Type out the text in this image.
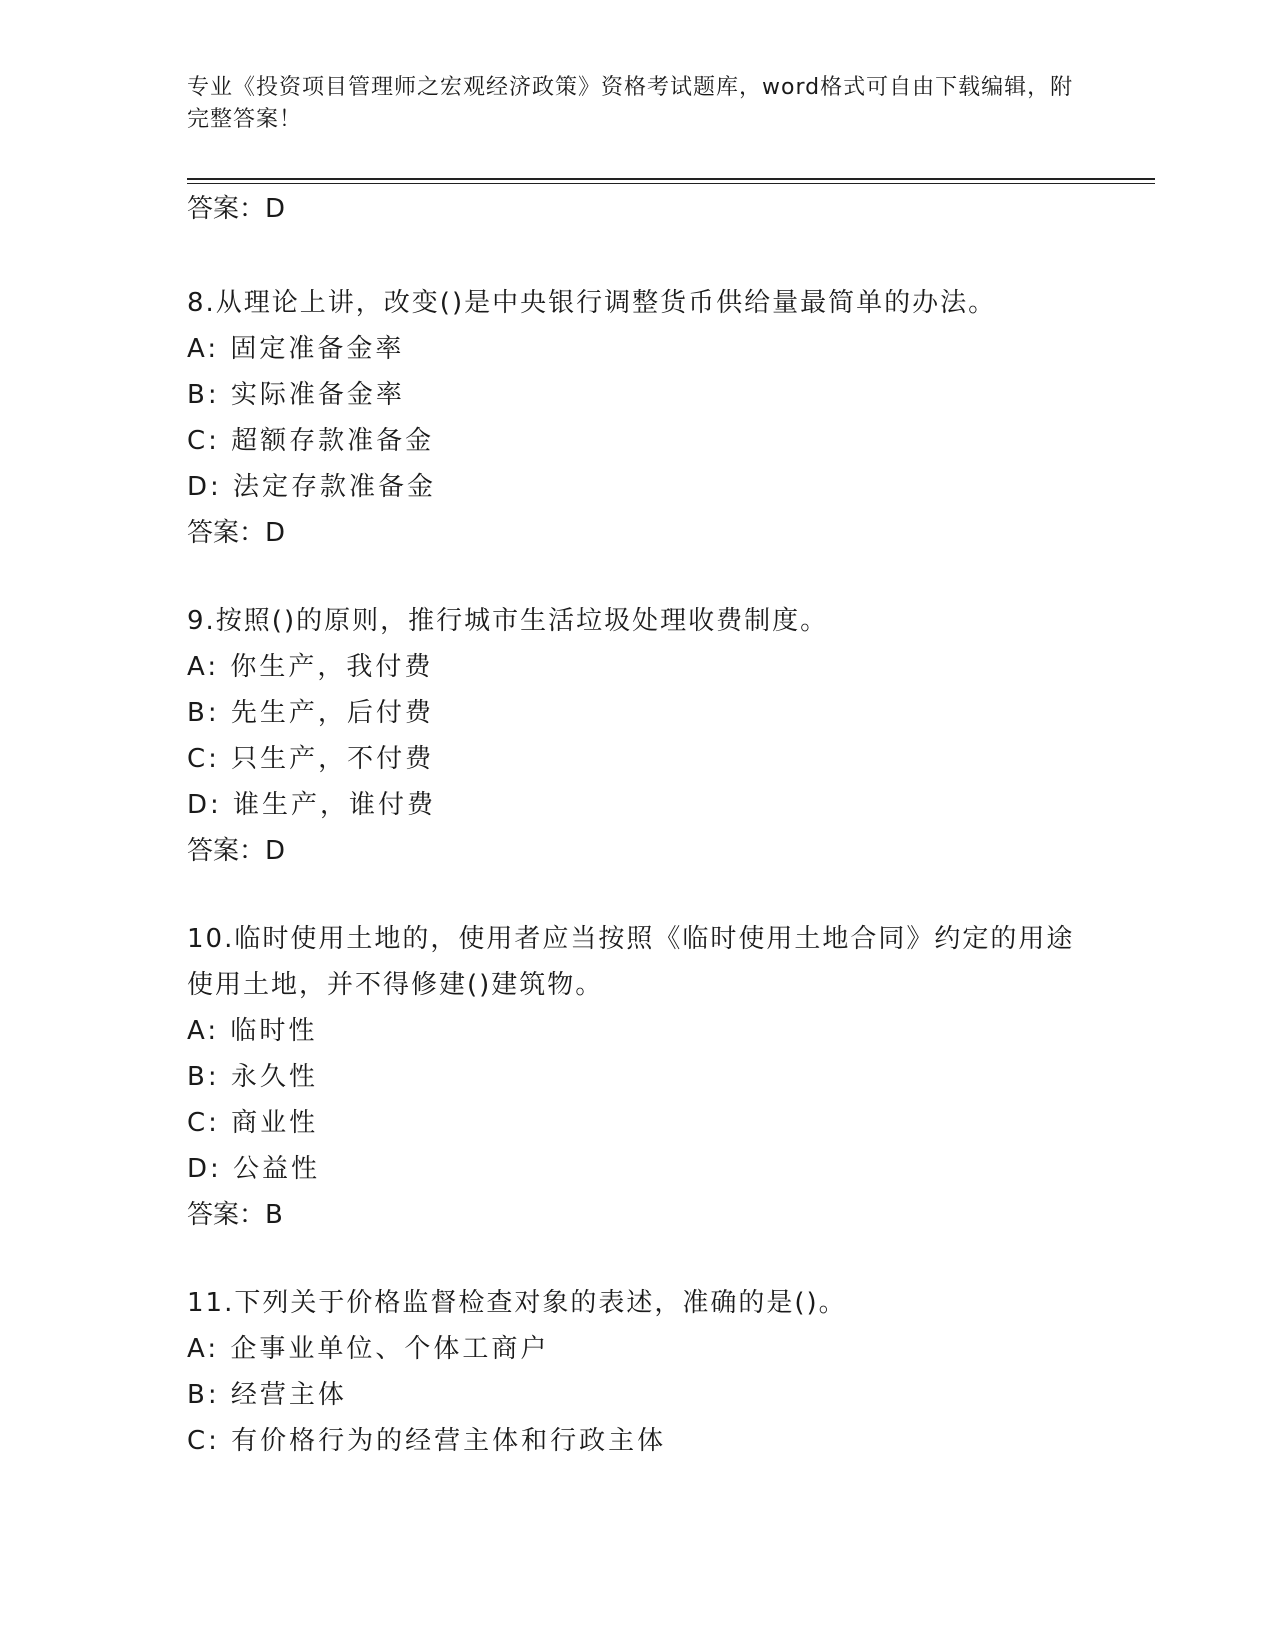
专业《投资项目管理师之宏观经济政策》资格考试题库，word格式可自由下载编辑，附完整答案！
答案：D
8.从理论上讲，改变()是中央银行调整货币供给量最简单的办法。
A: 固定准备金率
B: 实际准备金率
C: 超额存款准备金
D: 法定存款准备金
答案：D
9.按照()的原则，推行城市生活垃圾处理收费制度。
A: 你生产，我付费
B: 先生产，后付费
C: 只生产，不付费
D: 谁生产，谁付费
答案：D
10.临时使用土地的，使用者应当按照《临时使用土地合同》约定的用途使用土地，并不得修建()建筑物。
A: 临时性
B: 永久性
C: 商业性
D: 公益性
答案：B
11.下列关于价格监督检查对象的表述，准确的是()。
A: 企事业单位、个体工商户
B: 经营主体
C: 有价格行为的经营主体和行政主体
